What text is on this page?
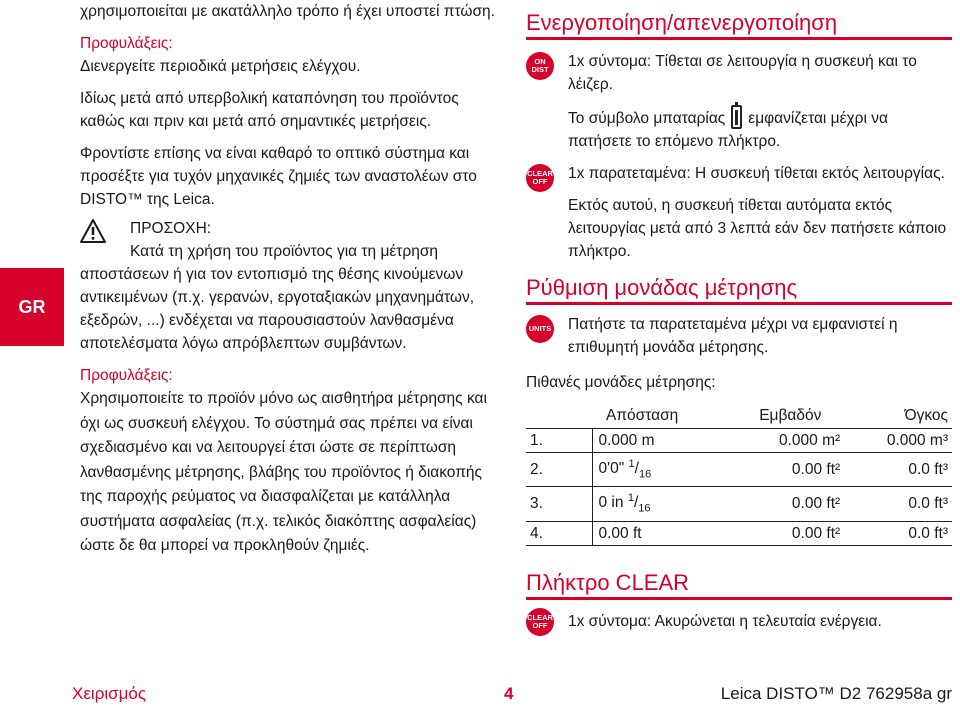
GR

χρησιμοποιείται με ακατάλληλο τρόπο ή έχει υποστεί πτώση.

Προφυλάξεις:

Διενεργείτε περιοδικά μετρήσεις ελέγχου.

Ιδίως μετά από υπερβολική καταπόνηση του προϊόντος καθώς και πριν και μετά από σημαντικές μετρήσεις.

Φροντίστε επίσης να είναι καθαρό το οπτικό σύστημα και προσέξτε για τυχόν μηχανικές ζημιές των αναστολέων στο DISTO™ της Leica.

ΠΡΟΣΟΧΗ:

Κατά τη χρήση του προϊόντος για τη μέτρηση

αποστάσεων ή για τον εντοπισμό της θέσης κινούμενων αντικειμένων (π.χ. γερανών, εργοταξιακών μηχανημάτων, εξεδρών, ...) ενδέχεται να παρουσιαστούν λανθασμένα αποτελέσματα λόγω απρόβλεπτων συμβάντων.

Προφυλάξεις:

Χρησιμοποιείτε το προϊόν μόνο ως αισθητήρα μέτρησης και όχι ως συσκευή ελέγχου. Το σύστημά σας πρέπει να είναι σχεδιασμένο και να λειτουργεί έτσι ώστε σε περίπτωση λανθασμένης μέτρησης, βλάβης του προϊόντος ή διακοπής της παροχής ρεύματος να διασφαλίζεται με κατάλληλα συστήματα ασφαλείας (π.χ. τελικός διακόπτης ασφαλείας) ώστε δε θα μπορεί να προκληθούν ζημιές.

Ενεργοποίηση/απενεργοποίηση
ON
DIST 1x σύντομα: Τίθεται σε λειτουργία η συσκευή και το λέιζερ.

Το σύμβολο μπαταρίας εμφανίζεται μέχρι να πατήσετε το επόμενο πλήκτρο.

CLEAR
OFF 1x παρατεταμένα: Η συσκευή τίθεται εκτός λειτουργίας.

Εκτός αυτού, η συσκευή τίθεται αυτόματα εκτός λειτουργίας μετά από 3 λεπτά εάν δεν πατήσετε κάποιο πλήκτρο.

Ρύθμιση μονάδας μέτρησης
UNITS Πατήστε τα παρατεταμένα μέχρι να εμφανιστεί η επιθυμητή μονάδα μέτρησης.

Πιθανές μονάδες μέτρησης:

	Απόσταση	Εμβαδόν	Όγκος
1.	0.000 m	0.000 m²	0.000 m³
2.	0'0" $^1/_{16}$	0.00 ft²	0.0 ft³
3.	0 in $^1/_{16}$	0.00 ft²	0.0 ft³
4.	0.00 ft	0.00 ft²	0.0 ft³
Πλήκτρο CLEAR
CLEAR
OFF 1x σύντομα: Ακυρώνεται η τελευταία ενέργεια.

Χειρισμός	4	Leica DISTO™ D2 762958a gr
